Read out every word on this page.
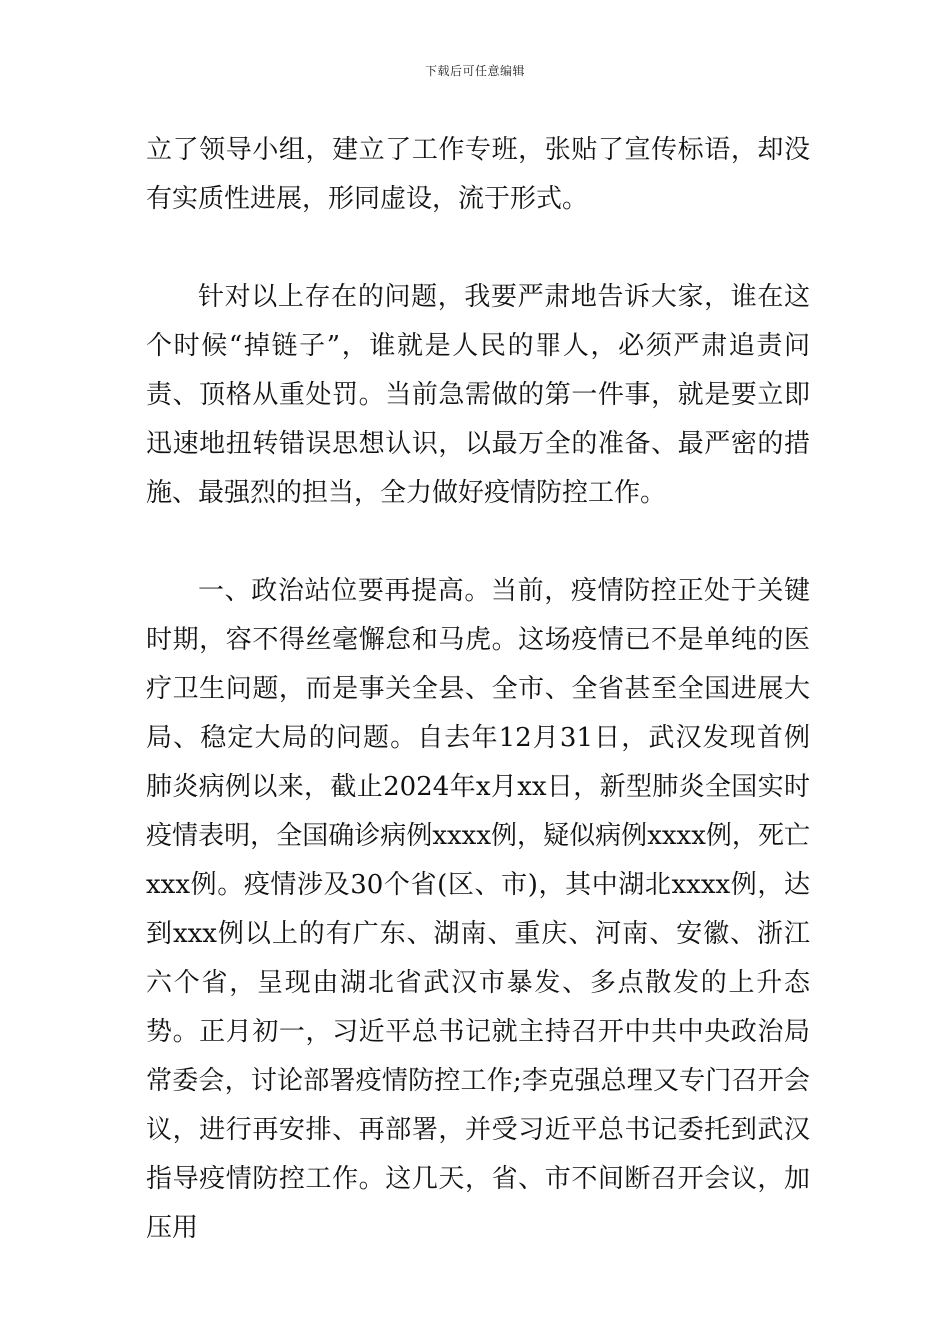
下载后可任意编辑

立了领导小组，建立了工作专班，张贴了宣传标语，却没有实质性进展，形同虚设，流于形式。

针对以上存在的问题，我要严肃地告诉大家，谁在这个时候“掉链子”，谁就是人民的罪人，必须严肃追责问责、顶格从重处罚。当前急需做的第一件事，就是要立即迅速地扭转错误思想认识，以最万全的准备、最严密的措施、最强烈的担当，全力做好疫情防控工作。

一、政治站位要再提高。当前，疫情防控正处于关键时期，容不得丝毫懈怠和马虎。这场疫情已不是单纯的医疗卫生问题，而是事关全县、全市、全省甚至全国进展大局、稳定大局的问题。自去年12月31日，武汉发现首例肺炎病例以来，截止2024年x月xx日，新型肺炎全国实时疫情表明，全国确诊病例xxxx例，疑似病例xxxx例，死亡xxx例。疫情涉及30个省(区、市)，其中湖北xxxx例，达到xxx例以上的有广东、湖南、重庆、河南、安徽、浙江六个省，呈现由湖北省武汉市暴发、多点散发的上升态势。正月初一，习近平总书记就主持召开中共中央政治局常委会，讨论部署疫情防控工作;李克强总理又专门召开会议，进行再安排、再部署，并受习近平总书记委托到武汉指导疫情防控工作。这几天，省、市不间断召开会议，加压用
